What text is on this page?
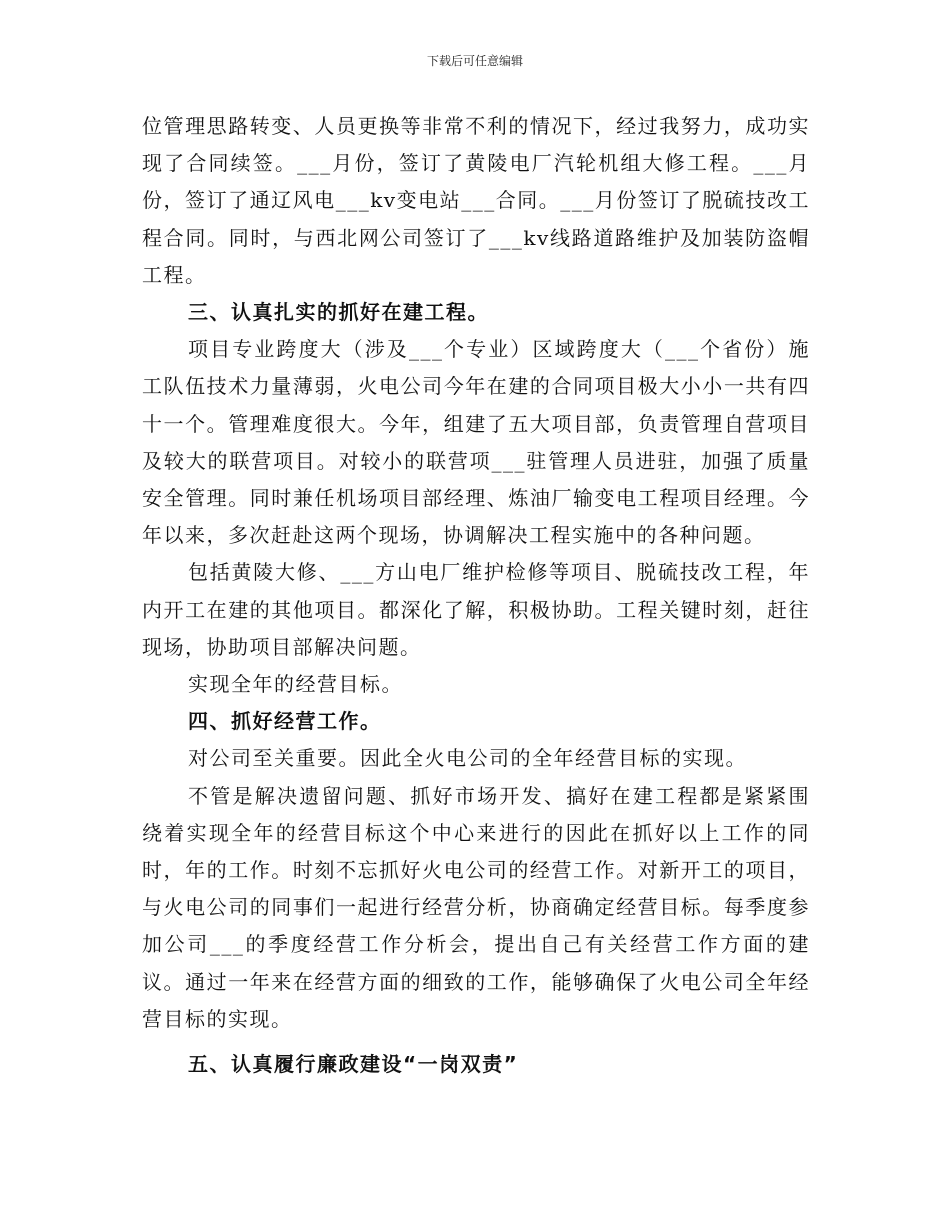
下载后可任意编辑

位管理思路转变、人员更换等非常不利的情况下，经过我努力，成功实现了合同续签。___月份，签订了黄陵电厂汽轮机组大修工程。___月份，签订了通辽风电___kv变电站___合同。___月份签订了脱硫技改工程合同。同时，与西北网公司签订了___kv线路道路维护及加装防盗帽工程。

三、认真扎实的抓好在建工程。

项目专业跨度大（涉及___个专业）区域跨度大（___个省份）施工队伍技术力量薄弱，火电公司今年在建的合同项目极大小小一共有四十一个。管理难度很大。今年，组建了五大项目部，负责管理自营项目及较大的联营项目。对较小的联营项___驻管理人员进驻，加强了质量安全管理。同时兼任机场项目部经理、炼油厂输变电工程项目经理。今年以来，多次赶赴这两个现场，协调解决工程实施中的各种问题。

包括黄陵大修、___方山电厂维护检修等项目、脱硫技改工程，年内开工在建的其他项目。都深化了解，积极协助。工程关键时刻，赶往现场，协助项目部解决问题。

实现全年的经营目标。

四、抓好经营工作。

对公司至关重要。因此全火电公司的全年经营目标的实现。

不管是解决遗留问题、抓好市场开发、搞好在建工程都是紧紧围绕着实现全年的经营目标这个中心来进行的因此在抓好以上工作的同时，年的工作。时刻不忘抓好火电公司的经营工作。对新开工的项目，与火电公司的同事们一起进行经营分析，协商确定经营目标。每季度参加公司___的季度经营工作分析会，提出自己有关经营工作方面的建议。通过一年来在经营方面的细致的工作，能够确保了火电公司全年经营目标的实现。

五、认真履行廉政建设“一岗双责”
